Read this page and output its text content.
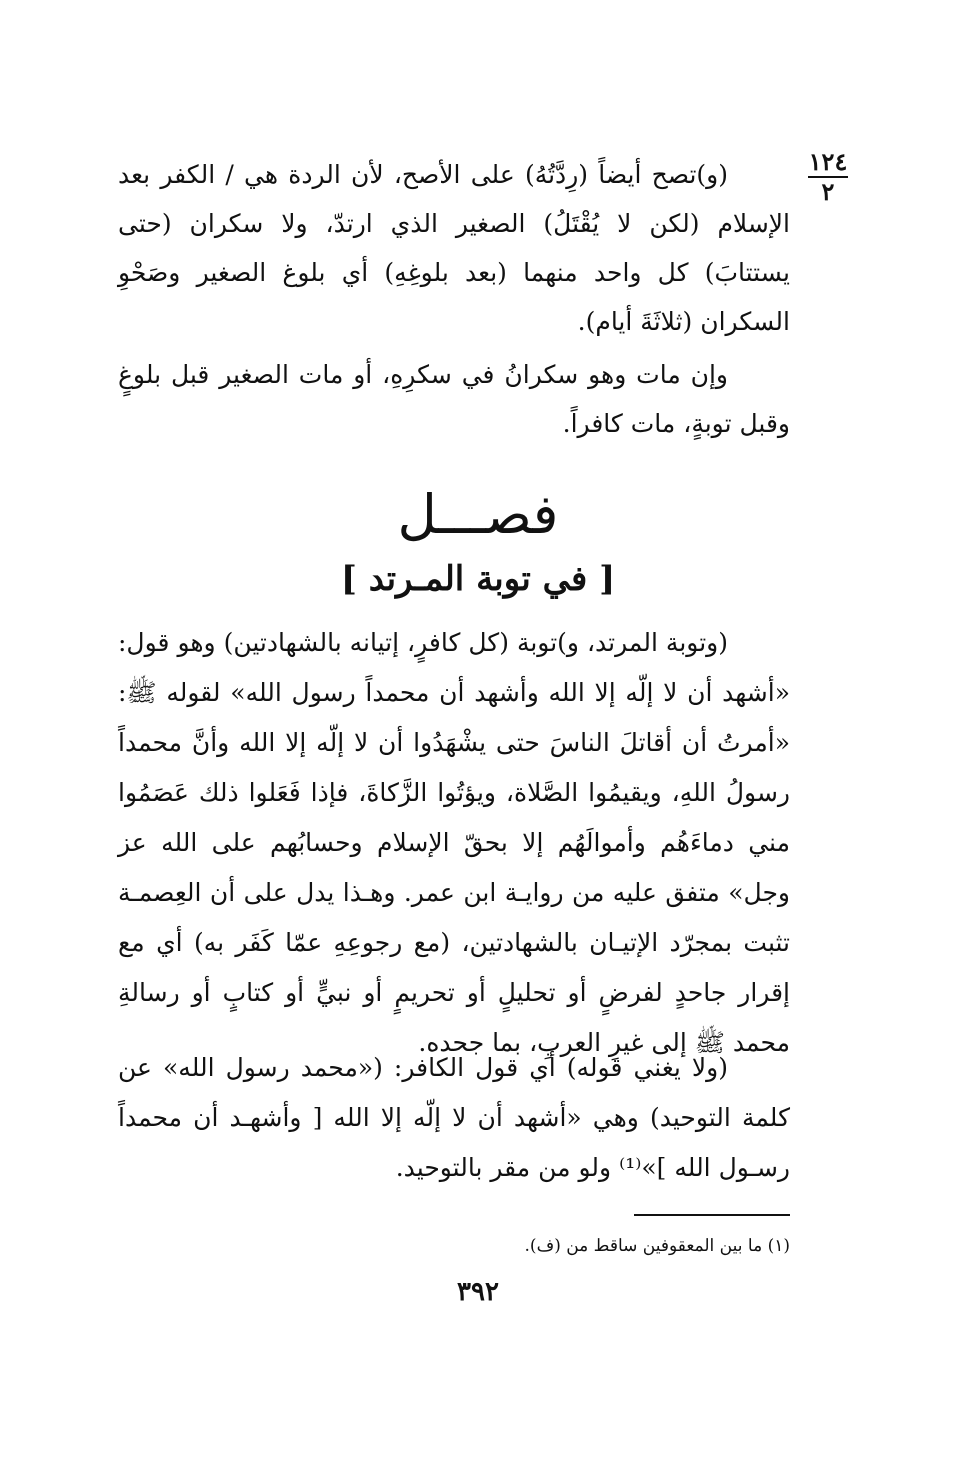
١٢٤
٢

(و)تصح أيضاً (رِدَّتُهُ) على الأصح، لأن الردة هي / الكفر بعد الإسلام (لكن لا يُقْتَلُ) الصغير الذي ارتدّ، ولا سكران (حتى يستتابَ) كل واحد منهما (بعد بلوغِهِ) أي بلوغ الصغير وصَحْوِ السكران (ثلاثَةَ أيام).

وإن مات وهو سكرانُ في سكرِهِ، أو مات الصغير قبل بلوغٍ وقبل توبةٍ، مات كافراً.

فصـــل
[ في توبة المـرتد ]

(وتوبة المرتد، و)توبة (كل كافرٍ، إتيانه بالشهادتين) وهو قول: «أشهد أن لا إلّه إلا الله وأشهد أن محمداً رسول الله» لقوله ﷺ: «أمرتُ أن أقاتلَ الناسَ حتى يشْهَدُوا أن لا إلّه إلا الله وأنَّ محمداً رسولُ اللهِ، ويقيمُوا الصَّلاة، ويؤتُوا الزَّكاةَ، فإذا فَعَلوا ذلك عَصَمُوا مني دماءَهُم وأموالَهُم إلا بحقّ الإسلام وحسابُهم على الله عز وجل» متفق عليه من روايـة ابن عمر. وهـذا يدل على أن العِصمـة تثبت بمجرّد الإتيـان بالشهادتين، (مع رجوعِهِ عمّا كَفَر به) أي مع إقرار جاحدٍ لفرضٍ أو تحليلٍ أو تحريمٍ أو نبيٍّ أو كتابٍ أو رسالةِ محمد ﷺ إلى غيرِ العربِ، بما جحده.

(ولا يغني قوله) أي قول الكافر: («محمد رسول الله» عن كلمة التوحيد) وهي «أشهد أن لا إلّه إلا الله [ وأشهـد أن محمداً رسـول الله ]»⁽¹⁾ ولو من مقر بالتوحيد.

(١) ما بين المعقوفين ساقط من (ف).
٣٩٢
